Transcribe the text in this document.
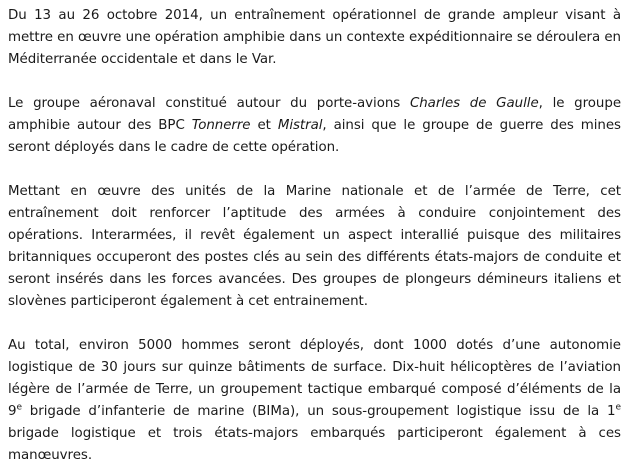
Du 13 au 26 octobre 2014, un entraînement opérationnel de grande ampleur visant à mettre en œuvre une opération amphibie dans un contexte expéditionnaire se déroulera en Méditerranée occidentale et dans le Var.

Le groupe aéronaval constitué autour du porte-avions Charles de Gaulle, le groupe amphibie autour des BPC Tonnerre et Mistral, ainsi que le groupe de guerre des mines seront déployés dans le cadre de cette opération.

Mettant en œuvre des unités de la Marine nationale et de l’armée de Terre, cet entraînement doit renforcer l’aptitude des armées à conduire conjointement des opérations. Interarmées, il revêt également un aspect interallié puisque des militaires britanniques occuperont des postes clés au sein des différents états-majors de conduite et seront insérés dans les forces avancées. Des groupes de plongeurs démineurs italiens et slovènes participeront également à cet entrainement.

Au total, environ 5000 hommes seront déployés, dont 1000 dotés d’une autonomie logistique de 30 jours sur quinze bâtiments de surface. Dix-huit hélicoptères de l’aviation légère de l’armée de Terre, un groupement tactique embarqué composé d’éléments de la 9e brigade d’infanterie de marine (BIMa), un sous-groupement logistique issu de la 1e brigade logistique et trois états-majors embarqués participeront également à ces manœuvres.
